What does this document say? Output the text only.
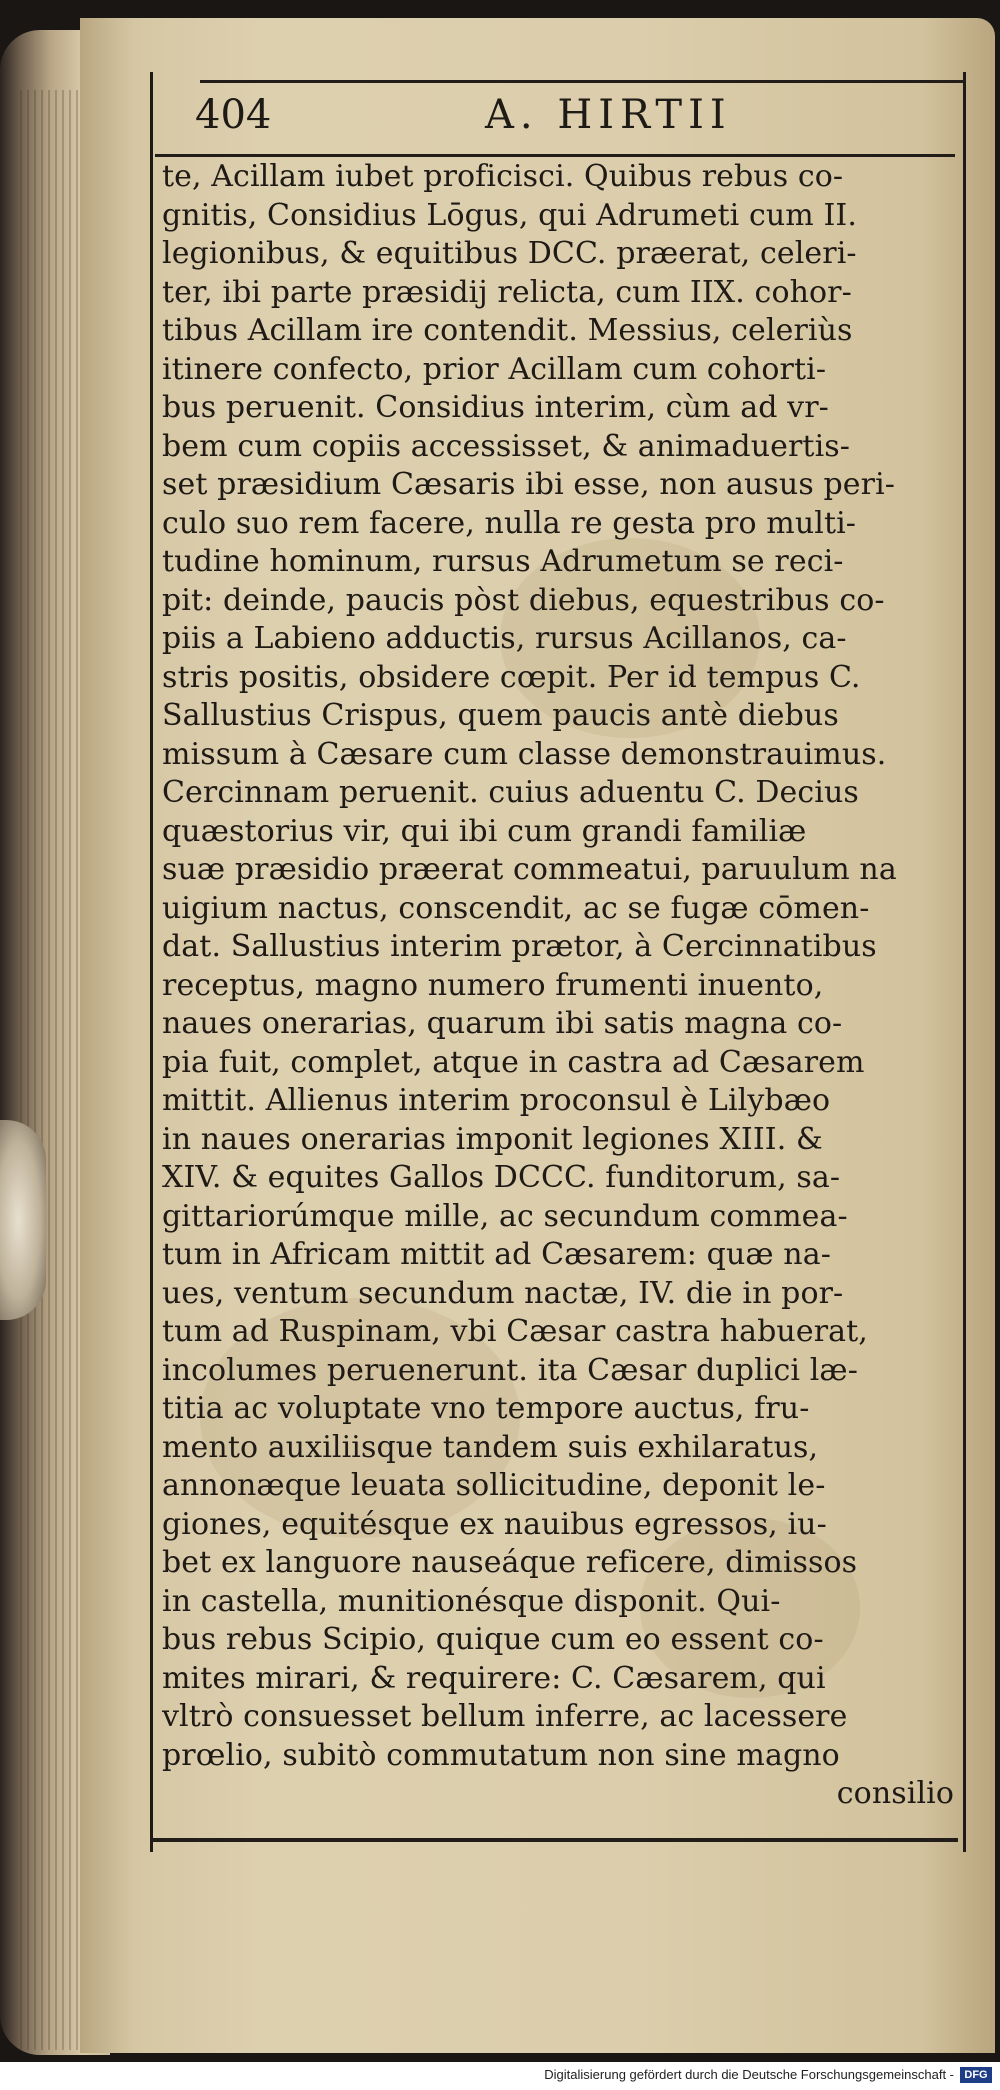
404	A. HIRTII
te, Acillam iubet proficisci. Quibus rebus co-
gnitis, Considius Lōgus, qui Adrumeti cum II.
legionibus, & equitibus DCC. præerat, celeri-
ter, ibi parte præsidij relicta, cum IIX. cohor-
tibus Acillam ire contendit. Messius, celeriùs
itinere confecto, prior Acillam cum cohorti-
bus peruenit. Considius interim, cùm ad vr-
bem cum copiis accessisset, & animaduertis-
set præsidium Cæsaris ibi esse, non ausus peri-
culo suo rem facere, nulla re gesta pro multi-
tudine hominum, rursus Adrumetum se reci-
pit: deinde, paucis pòst diebus, equestribus co-
piis a Labieno adductis, rursus Acillanos, ca-
stris positis, obsidere cœpit. Per id tempus C.
Sallustius Crispus, quem paucis antè diebus
missum à Cæsare cum classe demonstrauimus.
Cercinnam peruenit. cuius aduentu C. Decius
quæstorius vir, qui ibi cum grandi familiæ
suæ præsidio præerat commeatui, paruulum na
uigium nactus, conscendit, ac se fugæ cōmen-
dat. Sallustius interim prætor, à Cercinnatibus
receptus, magno numero frumenti inuento,
naues onerarias, quarum ibi satis magna co-
pia fuit, complet, atque in castra ad Cæsarem
mittit. Allienus interim proconsul è Lilybæo
in naues onerarias imponit legiones XIII. &
XIV. & equites Gallos DCCC. funditorum, sa-
gittariorúmque mille, ac secundum commea-
tum in Africam mittit ad Cæsarem: quæ na-
ues, ventum secundum nactæ, IV. die in por-
tum ad Ruspinam, vbi Cæsar castra habuerat,
incolumes peruenerunt. ita Cæsar duplici læ-
titia ac voluptate vno tempore auctus, fru-
mento auxiliisque tandem suis exhilaratus,
annonæque leuata sollicitudine, deponit le-
giones, equitésque ex nauibus egressos, iu-
bet ex languore nauseáque reficere, dimissos
in castella, munitionésque disponit. Qui-
bus rebus Scipio, quique cum eo essent co-
mites mirari, & requirere: C. Cæsarem, qui
vltrò consuesset bellum inferre, ac lacessere
prœlio, subitò commutatum non sine magno
consilio
Digitalisierung gefördert durch die Deutsche Forschungsgemeinschaft - DFG
